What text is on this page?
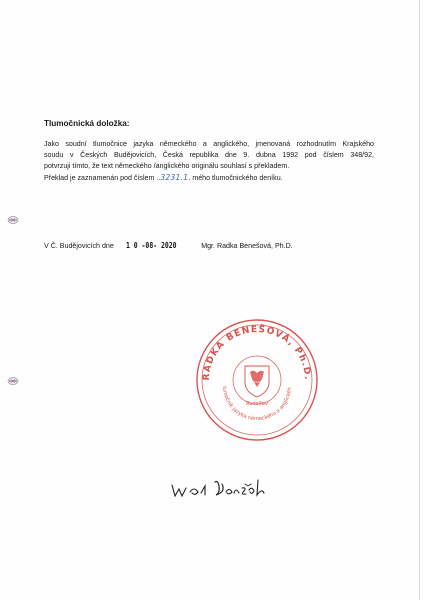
Tlumočnická doložka:
Jako soudní tlumočnice jazyka německého a anglického, jmenovaná rozhodnutím Krajského
soudu v Českých Budějovicích, Česká republika dne 9. dubna 1992 pod číslem 348/92,
potvrzuji tímto, že text německého /anglického originálu souhlasí s překladem.
Překlad je zaznamenán pod číslem ..3231.1. mého tlumočnického deníku.
V Č. Budějovicích dne 1 0 -08- 2020	Mgr. Radka Benešová, Ph.D.
RADKA BENEŠOVÁ, Ph.D.
lumočník jazyka německého a anglickéh
Rudolfov
